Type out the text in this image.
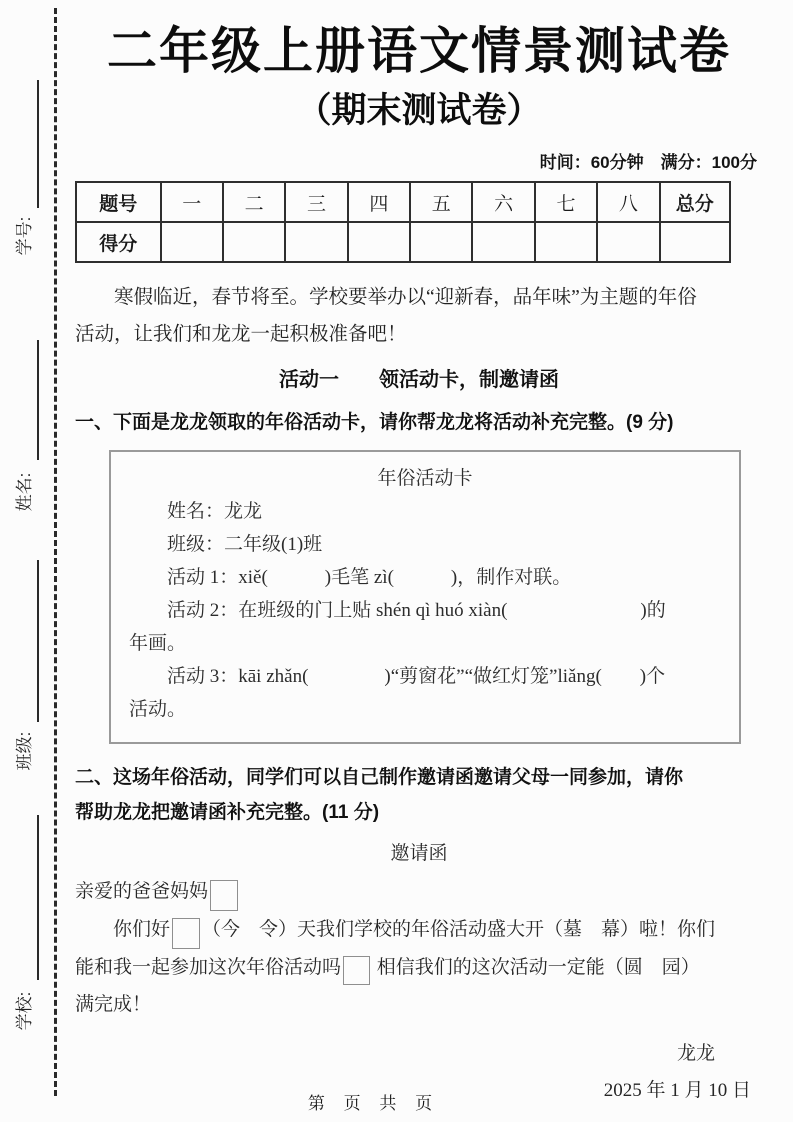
学号:
姓名:
班级:
学校:
二年级上册语文情景测试卷
（期末测试卷）
时间：60分钟　满分：100分
题号	一	二	三	四	五	六	七	八	总分
得分									
寒假临近，春节将至。学校要举办以“迎新春，品年味”为主题的年俗
活动，让我们和龙龙一起积极准备吧！
活动一　　领活动卡，制邀请函
一、下面是龙龙领取的年俗活动卡，请你帮龙龙将活动补充完整。(9 分)
年俗活动卡
姓名：龙龙
班级：二年级(1)班
活动 1：xiě(　　　)毛笔 zì(　　　)，制作对联。
活动 2：在班级的门上贴 shén qì huó xiàn(　　　　　　　)的
年画。
活动 3：kāi zhǎn(　　　　)“剪窗花”“做红灯笼”liǎng(　　)个
活动。
二、这场年俗活动，同学们可以自己制作邀请函邀请父母一同参加，请你
帮助龙龙把邀请函补充完整。(11 分)
邀请函
亲爱的爸爸妈妈
你们好 （今　令）天我们学校的年俗活动盛大开（墓　幕）啦！你们
能和我一起参加这次年俗活动吗 相信我们的这次活动一定能（圆　园）
满完成！
龙龙
2025 年 1 月 10 日
第 页 共 页
